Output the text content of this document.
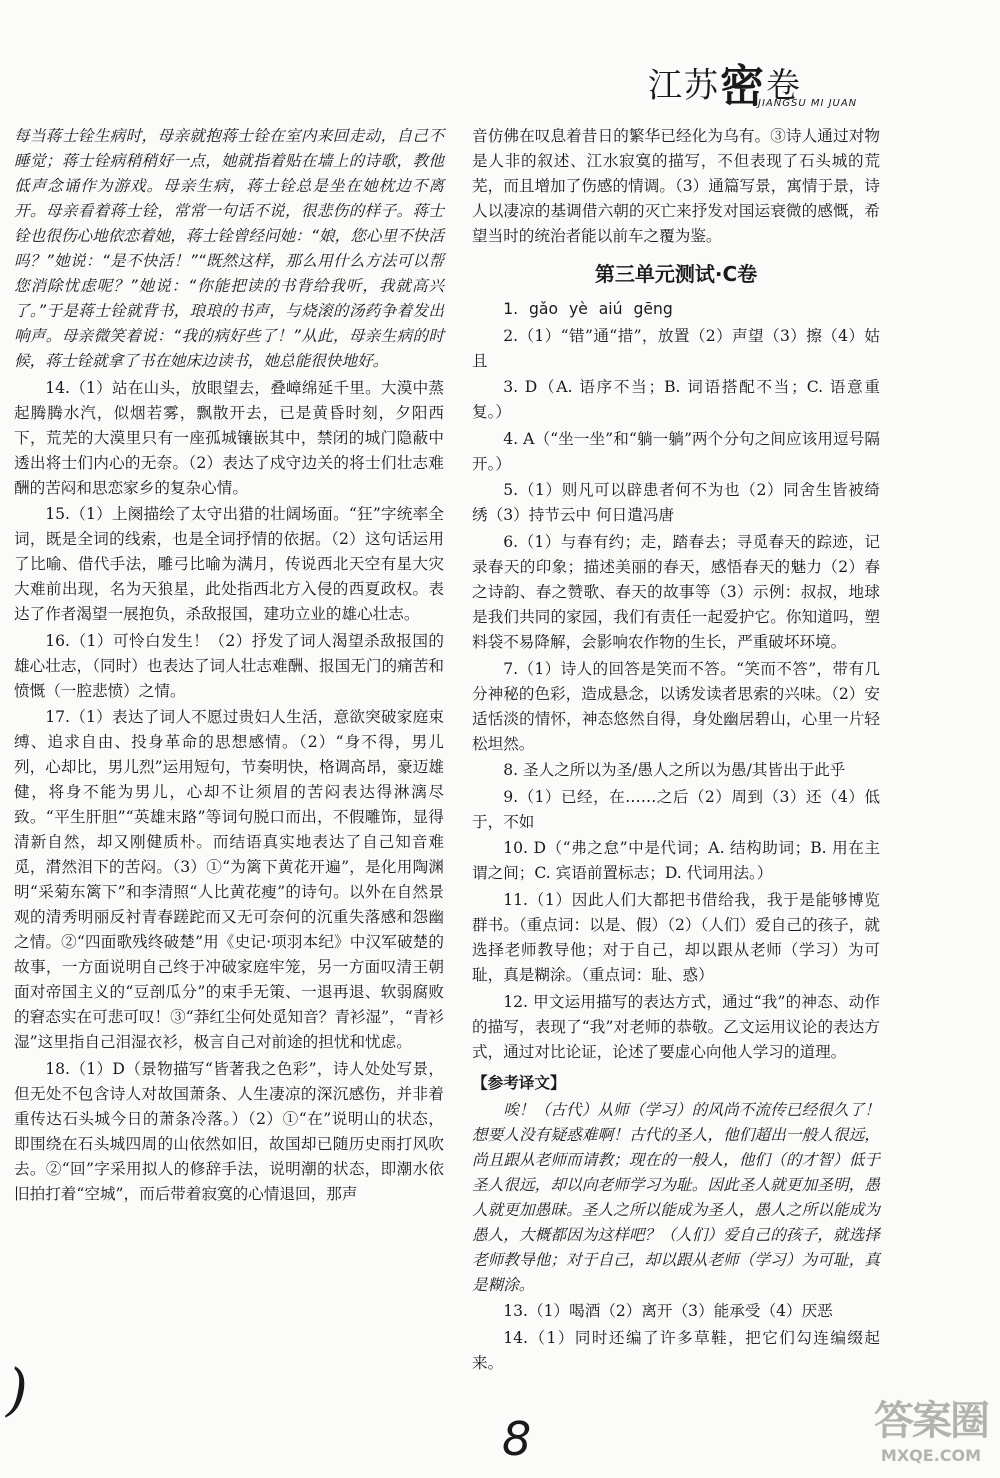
江苏密卷
JIANGSU MI JUAN

每当蒋士铨生病时，母亲就抱蒋士铨在室内来回走动，自己不睡觉；蒋士铨病稍稍好一点，她就指着贴在墙上的诗歌，教他低声念诵作为游戏。母亲生病，蒋士铨总是坐在她枕边不离开。母亲看着蒋士铨，常常一句话不说，很悲伤的样子。蒋士铨也很伤心地依恋着她，蒋士铨曾经问她：“娘，您心里不快活吗？”她说：“是不快活！”“既然这样，那么用什么方法可以帮您消除忧虑呢？”她说：“你能把读的书背给我听，我就高兴了。”于是蒋士铨就背书，琅琅的书声，与烧滚的汤药争着发出响声。母亲微笑着说：“我的病好些了！”从此，母亲生病的时候，蒋士铨就拿了书在她床边读书，她总能很快地好。

14.（1）站在山头，放眼望去，叠嶂绵延千里。大漠中蒸起腾腾水汽，似烟若雾，飘散开去，已是黄昏时刻，夕阳西下，荒芜的大漠里只有一座孤城镶嵌其中，禁闭的城门隐蔽中透出将士们内心的无奈。（2）表达了戍守边关的将士们壮志难酬的苦闷和思恋家乡的复杂心情。

15.（1）上阕描绘了太守出猎的壮阔场面。“狂”字统率全词，既是全词的线索，也是全词抒情的依据。（2）这句话运用了比喻、借代手法，雕弓比喻为满月，传说西北天空有星大灾大难前出现，名为天狼星，此处指西北方入侵的西夏政权。表达了作者渴望一展抱负，杀敌报国，建功立业的雄心壮志。

16.（1）可怜白发生！（2）抒发了词人渴望杀敌报国的雄心壮志，（同时）也表达了词人壮志难酬、报国无门的痛苦和愤慨（一腔悲愤）之情。

17.（1）表达了词人不愿过贵妇人生活，意欲突破家庭束缚、追求自由、投身革命的思想感情。（2）“身不得，男儿列，心却比，男儿烈”运用短句，节奏明快，格调高昂，豪迈雄健，将身不能为男儿，心却不让须眉的苦闷表达得淋漓尽致。“平生肝胆”“英雄末路”等词句脱口而出，不假雕饰，显得清新自然，却又刚健质朴。而结语真实地表达了自己知音难觅，潸然泪下的苦闷。（3）①“为篱下黄花开遍”，是化用陶渊明“采菊东篱下”和李清照“人比黄花瘦”的诗句。以外在自然景观的清秀明丽反衬青春蹉跎而又无可奈何的沉重失落感和怨幽之情。②“四面歌残终破楚”用《史记·项羽本纪》中汉军破楚的故事，一方面说明自己终于冲破家庭牢笼，另一方面叹清王朝面对帝国主义的“豆剖瓜分”的束手无策、一退再退、软弱腐败的窘态实在可悲可叹！③“莽红尘何处觅知音？青衫湿”，“青衫湿”这里指自己泪湿衣衫，极言自己对前途的担忧和忧虑。

18.（1）D（景物描写“皆著我之色彩”，诗人处处写景，但无处不包含诗人对故国萧条、人生凄凉的深沉感伤，并非着重传达石头城今日的萧条冷落。）（2）①“在”说明山的状态，即围绕在石头城四周的山依然如旧，故国却已随历史雨打风吹去。②“回”字采用拟人的修辞手法，说明潮的状态，即潮水依旧拍打着“空城”，而后带着寂寞的心情退回，那声

音仿佛在叹息着昔日的繁华已经化为乌有。③诗人通过对物是人非的叙述、江水寂寞的描写，不但表现了石头城的荒芜，而且增加了伤感的情调。（3）通篇写景，寓情于景，诗人以凄凉的基调借六朝的灭亡来抒发对国运衰微的感慨，希望当时的统治者能以前车之覆为鉴。

第三单元测试·C卷

1. gǎo yè aiú gēng

2.（1）“错”通“措”，放置（2）声望（3）擦（4）姑且

3. D（A. 语序不当；B. 词语搭配不当；C. 语意重复。）

4. A（“坐一坐”和“躺一躺”两个分句之间应该用逗号隔开。）

5.（1）则凡可以辟患者何不为也（2）同舍生皆被绮绣（3）持节云中 何日遣冯唐

6.（1）与春有约；走，踏春去；寻觅春天的踪迹，记录春天的印象；描述美丽的春天，感悟春天的魅力（2）春之诗韵、春之赞歌、春天的故事等（3）示例：叔叔，地球是我们共同的家园，我们有责任一起爱护它。你知道吗，塑料袋不易降解，会影响农作物的生长，严重破坏环境。

7.（1）诗人的回答是笑而不答。“笑而不答”，带有几分神秘的色彩，造成悬念，以诱发读者思索的兴味。（2）安适恬淡的情怀，神态悠然自得，身处幽居碧山，心里一片轻松坦然。

8. 圣人之所以为圣/愚人之所以为愚/其皆出于此乎

9.（1）已经，在……之后（2）周到（3）还（4）低于，不如

10. D（“弗之怠”中是代词；A. 结构助词；B. 用在主谓之间；C. 宾语前置标志；D. 代词用法。）

11.（1）因此人们大都把书借给我，我于是能够博览群书。（重点词：以是、假）（2）（人们）爱自己的孩子，就选择老师教导他；对于自己，却以跟从老师（学习）为可耻，真是糊涂。（重点词：耻、惑）

12. 甲文运用描写的表达方式，通过“我”的神态、动作的描写，表现了“我”对老师的恭敬。乙文运用议论的表达方式，通过对比论证，论述了要虚心向他人学习的道理。

【参考译文】

唉！（古代）从师（学习）的风尚不流传已经很久了！想要人没有疑惑难啊！古代的圣人，他们超出一般人很远，尚且跟从老师而请教；现在的一般人，他们（的才智）低于圣人很远，却以向老师学习为耻。因此圣人就更加圣明，愚人就更加愚昧。圣人之所以能成为圣人，愚人之所以能成为愚人，大概都因为这样吧？（人们）爱自己的孩子，就选择老师教导他；对于自己，却以跟从老师（学习）为可耻，真是糊涂。

13.（1）喝酒（2）离开（3）能承受（4）厌恶

14.（1）同时还编了许多草鞋，把它们勾连编缀起来。

)
8	答案圈
MXQE.COM
